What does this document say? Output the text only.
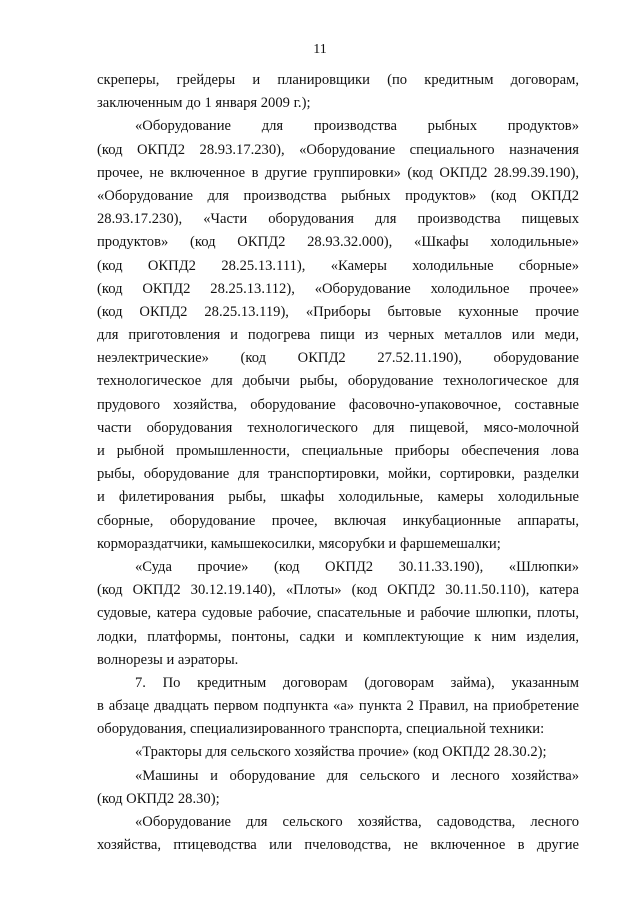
11
скреперы, грейдеры и планировщики (по кредитным договорам,
заключенным до 1 января 2009 г.);
«Оборудование для производства рыбных продуктов»
(код ОКПД2 28.93.17.230), «Оборудование специального назначения
прочее, не включенное в другие группировки» (код ОКПД2 28.99.39.190),
«Оборудование для производства рыбных продуктов» (код ОКПД2
28.93.17.230), «Части оборудования для производства пищевых
продуктов» (код ОКПД2 28.93.32.000), «Шкафы холодильные»
(код ОКПД2 28.25.13.111), «Камеры холодильные сборные»
(код ОКПД2 28.25.13.112), «Оборудование холодильное прочее»
(код ОКПД2 28.25.13.119), «Приборы бытовые кухонные прочие
для приготовления и подогрева пищи из черных металлов или меди,
неэлектрические» (код ОКПД2 27.52.11.190), оборудование
технологическое для добычи рыбы, оборудование технологическое для
прудового хозяйства, оборудование фасовочно-упаковочное, составные
части оборудования технологического для пищевой, мясо-молочной
и рыбной промышленности, специальные приборы обеспечения лова
рыбы, оборудование для транспортировки, мойки, сортировки, разделки
и филетирования рыбы, шкафы холодильные, камеры холодильные
сборные, оборудование прочее, включая инкубационные аппараты,
кормораздатчики, камышекосилки, мясорубки и фаршемешалки;
«Суда прочие» (код ОКПД2 30.11.33.190), «Шлюпки»
(код ОКПД2 30.12.19.140), «Плоты» (код ОКПД2 30.11.50.110), катера
судовые, катера судовые рабочие, спасательные и рабочие шлюпки, плоты,
лодки, платформы, понтоны, садки и комплектующие к ним изделия,
волнорезы и аэраторы.
7. По кредитным договорам (договорам займа), указанным
в абзаце двадцать первом подпункта «а» пункта 2 Правил, на приобретение
оборудования, специализированного транспорта, специальной техники:
«Тракторы для сельского хозяйства прочие» (код ОКПД2 28.30.2);
«Машины и оборудование для сельского и лесного хозяйства»
(код ОКПД2 28.30);
«Оборудование для сельского хозяйства, садоводства, лесного
хозяйства, птицеводства или пчеловодства, не включенное в другие
